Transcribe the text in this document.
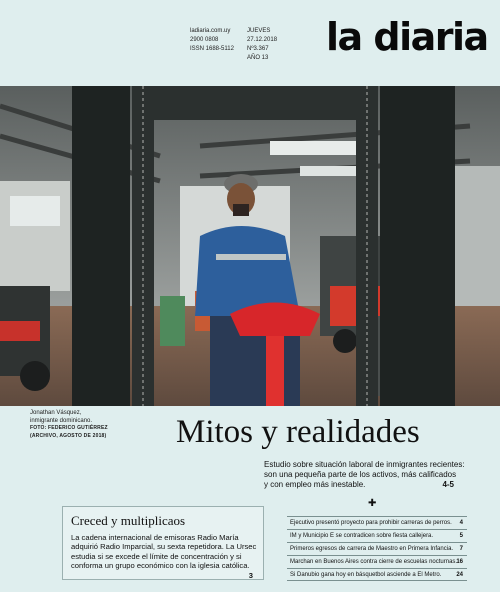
ladiaria.com.uy
2900 0808
ISSN 1688-5112
JUEVES
27.12.2018
Nº3.367
AÑO 13 la diaria
Jonathan Vásquez,
inmigrante dominicano.
FOTO: FEDERICO GUTIÉRREZ
(ARCHIVO, AGOSTO DE 2018)	Mitos y realidades
Estudio sobre situación laboral de inmigrantes recientes:
son una pequeña parte de los activos, más calificados
y con empleo más inestable.	4-5
✚
Creced y multiplicaos
La cadena internacional de emisoras Radio María adquirió Radio Imparcial, su sexta repetidora. La Ursec estudia si se excede el límite de concentración y si conforma un grupo económico con la iglesia católica.
3
Ejecutivo presentó proyecto para prohibir carreras de perros. 4
IM y Municipio E se contradicen sobre fiesta callejera.	5
Primeros egresos de carrera de Maestro en Primera Infancia. 7
Marchan en Buenos Aires contra cierre de escuelas nocturnas. 16
Si Danubio gana hoy en básquetbol asciende a El Metro. 24
